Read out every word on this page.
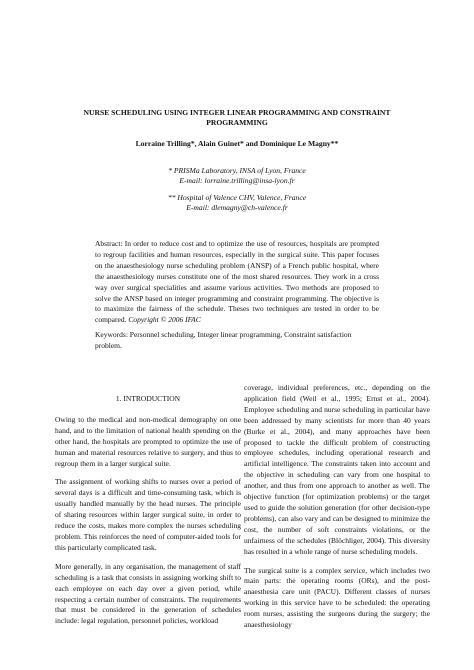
NURSE SCHEDULING USING INTEGER LINEAR PROGRAMMING AND CONSTRAINT PROGRAMMING
Lorraine Trilling*, Alain Guinet* and Dominique Le Magny**
* PRISMa Laboratory, INSA of Lyon, France
E-mail: lorraine.trilling@insa-lyon.fr
** Hospital of Valence CHV, Valence, France
E-mail: dlemagny@ch-valence.fr
Abstract: In order to reduce cost and to optimize the use of resources, hospitals are prompted to regroup facilities and human resources, especially in the surgical suite. This paper focuses on the anaesthesiology nurse scheduling problem (ANSP) of a French public hospital, where the anaesthesiology nurses constitute one of the most shared resources. They work in a cross way over surgical specialities and assume various activities. Two methods are proposed to solve the ANSP based on integer programming and constraint programming. The objective is to maximize the fairness of the schedule. Theses two techniques are tested in order to be compared. Copyright © 2006 IFAC
Keywords: Personnel scheduling, Integer linear programming, Constraint satisfaction problem.
1. INTRODUCTION

Owing to the medical and non-medical demography on one hand, and to the limitation of national health spending on the other hand, the hospitals are prompted to optimize the use of human and material resources relative to surgery, and thus to regroup them in a larger surgical suite.

The assignment of working shifts to nurses over a period of several days is a difficult and time-consuming task, which is usually handled manually by the head nurses. The principle of sharing resources within larger surgical suite, in order to reduce the costs, makes more complex the nurses scheduling problem. This reinforces the need of computer-aided tools for this particularly complicated task.

More generally, in any organisation, the management of staff scheduling is a task that consists in assigning working shift to each employee on each day over a given period, while respecting a certain number of constraints. The requirements that must be considered in the generation of schedules include: legal regulation, personnel policies, workload

coverage, individual preferences, etc., depending on the application field (Weil et al., 1995; Ernst et al., 2004). Employee scheduling and nurse scheduling in particular have been addressed by many scientists for more than 40 years (Burke et al., 2004), and many approaches have been proposed to tackle the difficult problem of constructing employee schedules, including operational research and artificial intelligence. The constraints taken into account and the objective in scheduling can vary from one hospital to another, and thus from one approach to another as well. The objective function (for optimization problems) or the target used to guide the solution generation (for other decision-type problems), can also vary and can be designed to minimize the cost, the number of soft constraints violations, or the unfairness of the schedules (Blöchliger, 2004). This diversity has resulted in a whole range of nurse scheduling models.

The surgical suite is a complex service, which includes two main parts: the operating rooms (ORs), and the post-anaesthesia care unit (PACU). Different classes of nurses working in this service have to be scheduled: the operating room nurses, assisting the surgeons during the surgery; the anaesthesiology
